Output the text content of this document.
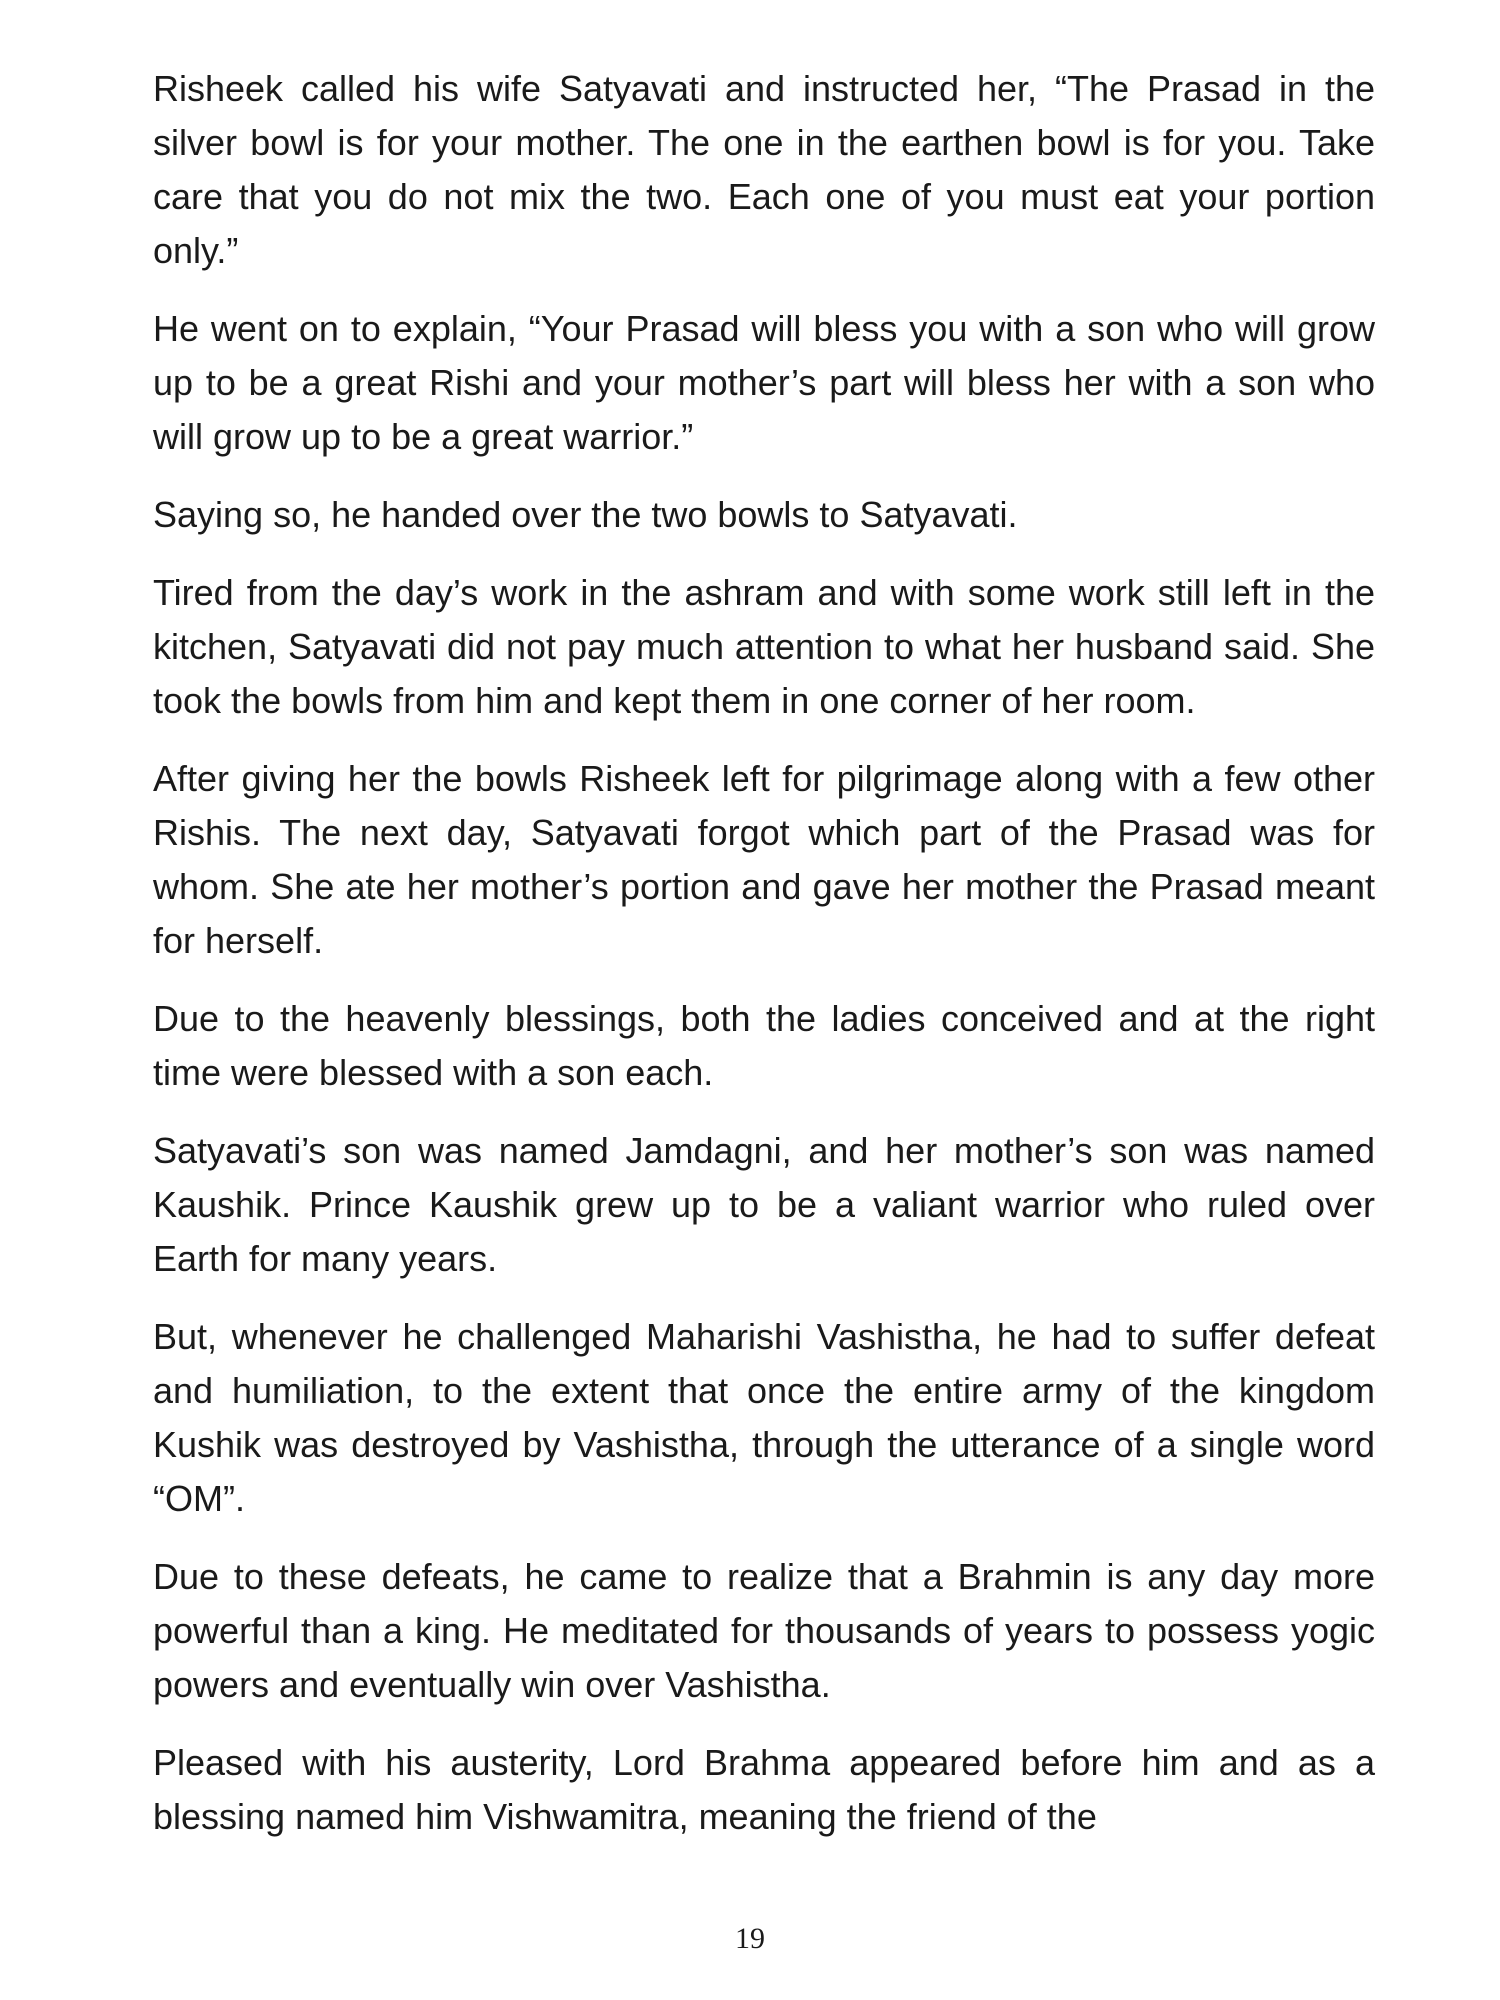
Risheek called his wife Satyavati and instructed her, “The Prasad in the silver bowl is for your mother. The one in the earthen bowl is for you. Take care that you do not mix the two. Each one of you must eat your portion only.”

He went on to explain, “Your Prasad will bless you with a son who will grow up to be a great Rishi and your mother’s part will bless her with a son who will grow up to be a great warrior.”

Saying so, he handed over the two bowls to Satyavati.

Tired from the day’s work in the ashram and with some work still left in the kitchen, Satyavati did not pay much attention to what her husband said. She took the bowls from him and kept them in one corner of her room.

After giving her the bowls Risheek left for pilgrimage along with a few other Rishis. The next day, Satyavati forgot which part of the Prasad was for whom. She ate her mother’s portion and gave her mother the Prasad meant for herself.

Due to the heavenly blessings, both the ladies conceived and at the right time were blessed with a son each.

Satyavati’s son was named Jamdagni, and her mother’s son was named Kaushik. Prince Kaushik grew up to be a valiant warrior who ruled over Earth for many years.

But, whenever he challenged Maharishi Vashistha, he had to suffer defeat and humiliation, to the extent that once the entire army of the kingdom Kushik was destroyed by Vashistha, through the utterance of a single word “OM”.

Due to these defeats, he came to realize that a Brahmin is any day more powerful than a king. He meditated for thousands of years to possess yogic powers and eventually win over Vashistha.

Pleased with his austerity, Lord Brahma appeared before him and as a blessing named him Vishwamitra, meaning the friend of the

19
